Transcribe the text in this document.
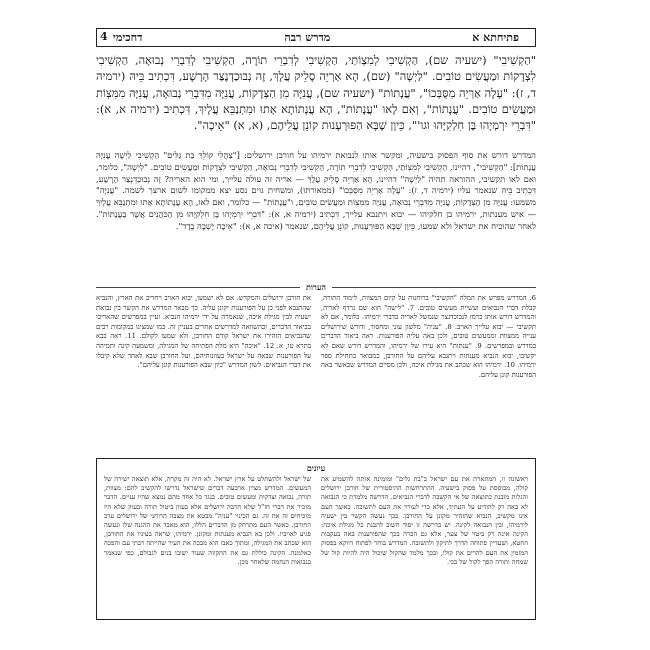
4	פתיחתא א
מדרש רבה
דחכימי
"הַקְשִׁיבִי" (ישעיה שם), הַקְשִׁיבִי לְמִצְוֹתַי, הַקְשִׁיבִי לְדִבְרֵי תוֹרָה, הַקְשִׁיבִי לְדִבְרֵי נְבוּאָה, הַקְשִׁיבִי לִצְדָקוֹת וּמַעֲשִׂים טוֹבִים. "לַיְשָׁה" (שם), הָא אַרְיֵה סָלֵיק עֲלָךְ, זֶה נְבוּכַדְנֶצַּר הָרָשָׁע, דִּכְתִיב בֵּיהּ (ירמיה ד, ז): "עָלָה אַרְיֵה מִסֻּבְּכוֹ", "עֲנָתוֹת" (ישעיה שם), עֲנִיָּה מִן הַצְּדָקוֹת, עֲנִיָּה מִדִּבְרֵי נְבוּאָה, עֲנִיָּה מִמִּצְוֹת וּמַעֲשִׂים טוֹבִים. "עֲנָתוֹת", וְאִם לָאו "עֲנָתוֹת", הָא עֲנָתוֹתָא אָתוּ וּמִתְנַבֵּא עֲלָיִךְ, דִּכְתִיב (ירמיה א, א): "דִּבְרֵי יִרְמְיָהוּ בֶּן חִלְקִיָּהוּ וגו'", כֵּיוָן שֶׁבָּא הַפּוּרְעָנוּת קוֹנֵן עֲלֵיהֶם, (א, א) "אֵיכָה".
המדרש דורש את סוף הפסוק בישעיה, ומקשר אותו לנבואת ירמיהו על חורבן ירושלים: ["צַהֲלִי קוֹלֵךְ בַּת גַּלִּים" הַקְשִׁיבִי לַיְשָׁה עֲנִיָּה עֲנָתוֹת]: "הַקְשִׁיבִי", דהיינו, הַקְשִׁיבִי לְמִצְוֹתַי, הַקְשִׁיבִי לְדִבְרֵי תוֹרָה, הַקְשִׁיבִי לְדִבְרֵי נְבוּאָה, הַקְשִׁיבִי לִצְדָקוֹת וּמַעֲשִׂים טוֹבִים. "לַיְשָׁה", כלומר, ואם לאו תקשיבי, ההוראה תהיה "לַיְשָׁה" דהיינו, הָא אַרְיֵה סָלֵיק עֲלָךְ — אריה זה עולה עלייך, ומי הוא האריה? זֶה נְבוּכַדְנֶצַּר הָרָשָׁע, דִּכְתִיב בֵּיהּ שנאמר עליו (ירמיה ד, ז): "עָלָה אַרְיֵה מִסֻּבְּכוֹ" (ממאורתו), ומשחית גוים נסע יצא ממקומו לשום ארצך לשמה. "עֲנִיָּה" משמעו: עֲנִיָּה מִן הַצְּדָקוֹת, עֲנִיָּה מִדִּבְרֵי נְבוּאָה, עֲנִיָּה מִמִּצְוֹת וּמַעֲשִׂים טוֹבִים, ו"עֲנָתוֹת" — כלומר, ואם לאו, הָא עֲנָתוֹתָא אָתוּ וּמִתְנַבֵּא עֲלָיִךְ — איש מענתות, ירמיהו בן חלקיהו — יבוא ויתנבא עלייך, דִּכְתִיב (ירמיה א, א): "דִּבְרֵי יִרְמְיָהוּ בֶּן חִלְקִיָּהוּ מִן הַכֹּהֲנִים אֲשֶׁר בַּעֲנָתוֹת". לאחר שהוכיח את ישראל ולא שמעו, כֵּיוָן שֶׁבָּא הַפּוּרְעָנוּת, קוֹנֵן עֲלֵיהֶם, שנאמר (איכה א, א): "אֵיכָה יָשְׁבָה בָדָד".
הערות
6. המדרש מפרש את המלה "הקשיבי" ברוחנות על קיום המצוות, לימוד התורה, קבלת דברי הנביאים ועשיית מעשים טובים. 7. "לישה" הוא שם נרדף לאריה, והמדרש דורש אותו כרמז לנבוכדנצר שנמשל לאריה בדברי ירמיהו. כלומר, אם לא תקשיבי — יבוא עלייך האויב. 8. "עניה" מלשון עוני ומחסור, ודורש שירושלים ענייה ממצוות וממעשים טובים, ולכן באה עליה הפורענות. ראה ביאור הדברים במדרש ובמפרשים. 9. "ענתות" היא עירו של ירמיהו, והמדרש דורש שאם לא יקשיבו, יבוא הנביא מענתות ויתנבא עליהם על החורבן, כמבואר בתחילת ספר ירמיהו. 10. ירמיהו הוא שכתב את מגילת איכה, ולכן מסיים המדרש שכאשר באה הפורענות קונן עליהם.
את חורבן ירושלים והמקדש. אם לא ישמעו, יבוא האויב ויחריב את הארץ, והנביא שהתנבא לפני כן על הפורענות יקונן עליה. כך מבאר המדרש את הקשר בין נבואת ישעיה לבין מגילת איכה, שנאמרה על ידי ירמיהו הנביא. ועיין במפרשים שהאריכו בביאור הדברים, ובהשוואה למדרשים אחרים בעניין זה. כמו שמצינו במקומות רבים שהנביאים הזהירו את ישראל קודם החורבן, ולא שמעו לקולם. 11. ראה בבא בתרא טו, א. 12. "איכה" היא מלת הפתיחה של המגילה, ומשמעה קינה ותמיהה על הפורענות שבאה על ישראל בעוונותיהם, ועל החורבן שבא לאחר שלא קיבלו את דברי הנביאים. לשון המדרש "כיון שבא הפורענות קונן עליהם".
עיונים
ראשונה זו, המתארת את עם ישראל כ"בת גלים" ומזמינה אותה להשמיע את קולה, מבוססת על פסוק בישעיה. ההתרחשות ההיסטורית של חורבן ירושלים והגלות מובנת כתוצאה של אי הקשבה לדברי הנביאים. הדרשה מלמדת כי הנבואה לא באה רק להודיע על העתיד, אלא כדי לעורר את העם לתשובה. כאשר העם אינו מקשיב, הנביא שהזהיר מקונן על החורבן. בכך נעשה הקשר בין ישעיה לירמיהו, ובין הנבואה לקינה. יש בדרשה זו יסוד חשוב להבנת כל מגילת איכה: הקינה אינה רק ביטוי של צער, אלא גם הכרה בכך שהפורענות באה בעקבות החטא, ושעדיין פתוחה הדרך לתיקון ולתשובה. המדרש בוחר לפתוח דווקא בפסוק המזמין את העם להרים את קולו, ובכך מלמד שהקול שיכול היה להיות קול של שמחה ותורה הפך לקול של בכי.
של ישראל ולהשתלט על ארץ ישראל. לא היה זה מקרה, אלא תוצאה ישירה של המעשים. המדרש מציין ארבעה דברים שישראל נדרשו להקשיב להם: מצוות, תורה, נבואה וצדקות ומעשים טובים. כנגד כל אחד מהם נמצא שהיו עניים. הדבר מזכיר את דברי חז"ל שלא חרבה ירושלים אלא בעוון ביטול תורה ובעוון שלא היו מוכיחים זה את זה. גם הכינוי "עניה" מבטא את מצבה הרוחני של ירושלים ערב החורבן. כאשר העם מתרחק מן הדברים הללו, הוא מאבד את ההגנה שלו ונעשה פגיע לאויביו. ולכן בא הנביא מענתות ומקונן. ירמיהו, שראה בעיניו את החורבן, הוא שכתב את המגילה, ומתוך כאבו הוא מבכה את העיר שהייתה רבתי עם והפכה כאלמנה. הקינה כוללת גם את התקווה שעוד ישובו בנים לגבולם, כפי שנאמר בנבואות הנחמה שלאחר מכן.
